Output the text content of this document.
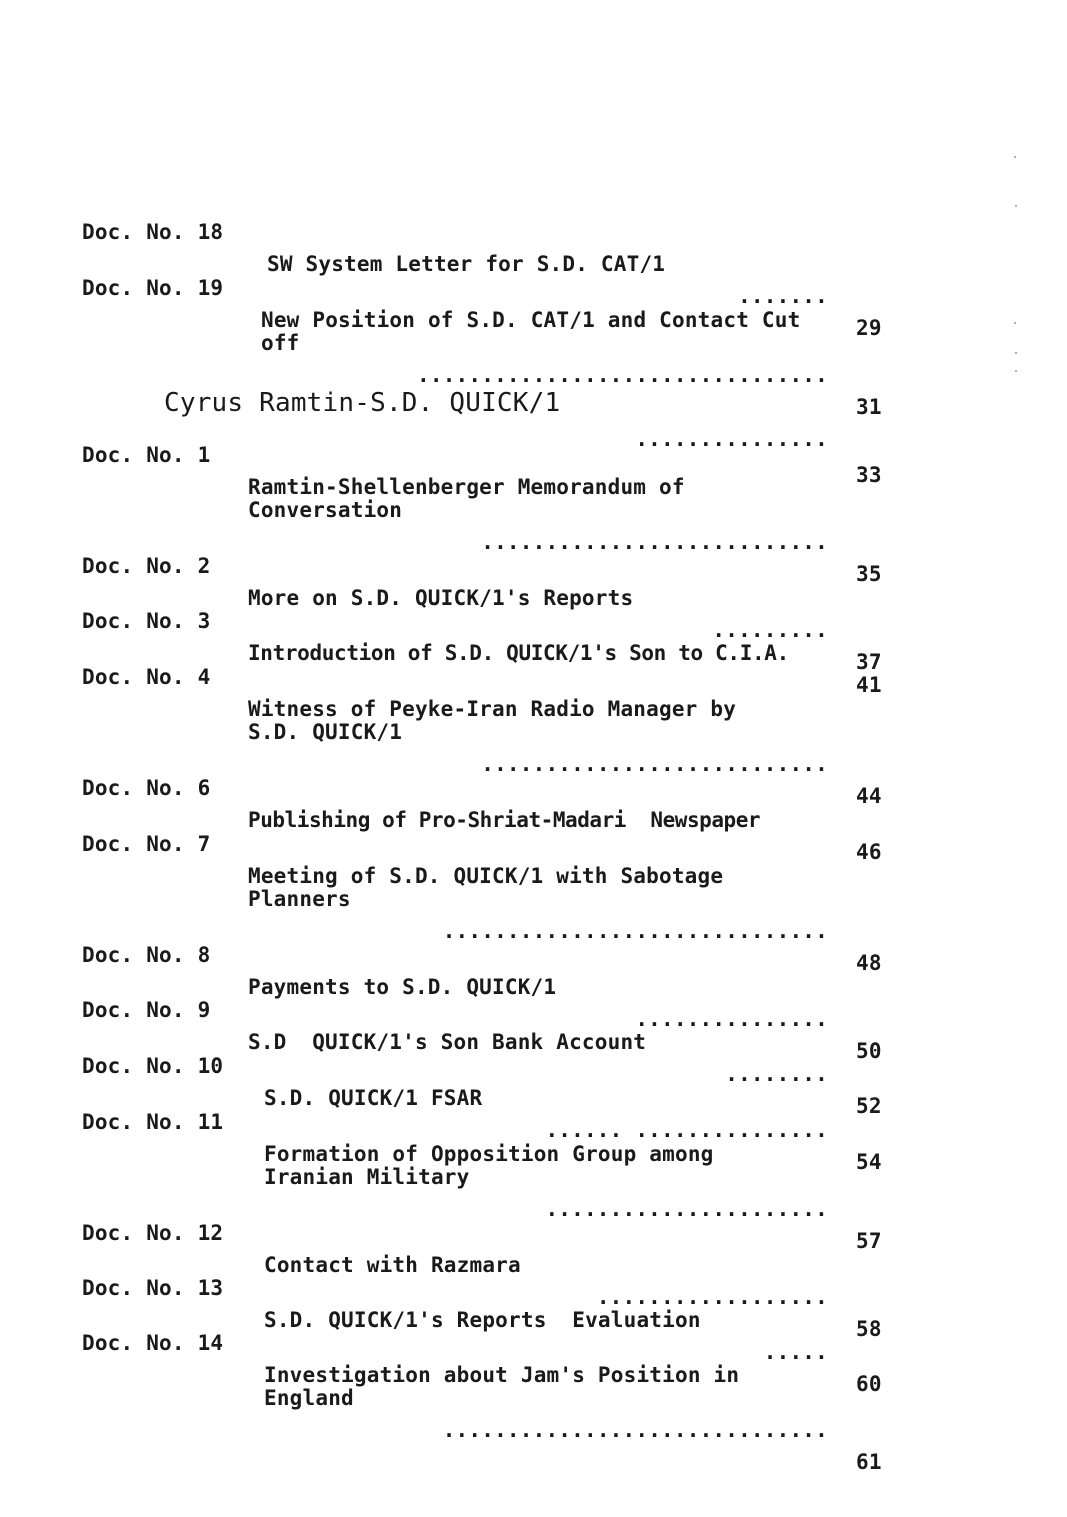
Doc. No. 18

SW System Letter for S.D. CAT/1

.......

29

Doc. No. 19

New Position of S.D. CAT/1 and Contact Cut

off

................................

31

Cyrus Ramtin-S.D. QUICK/1

...............

33

Doc. No. 1

Ramtin-Shellenberger Memorandum of

Conversation

...........................

35

Doc. No. 2

More on S.D. QUICK/1's Reports

.........

37

Doc. No. 3

Introduction of S.D. QUICK/1's Son to C.I.A.

41

Doc. No. 4

Witness of Peyke-Iran Radio Manager by

S.D. QUICK/1

...........................

44

Doc. No. 6

Publishing of Pro-Shriat-Madari  Newspaper

46

Doc. No. 7

Meeting of S.D. QUICK/1 with Sabotage

Planners

..............................

48

Doc. No. 8

Payments to S.D. QUICK/1

...............

50

Doc. No. 9

S.D  QUICK/1's Son Bank Account

........

52

Doc. No. 10

S.D. QUICK/1 FSAR

............... ......

54

Doc. No. 11

Formation of Opposition Group among

Iranian Military

......................

57

Doc. No. 12

Contact with Razmara

..................

58

Doc. No. 13

S.D. QUICK/1's Reports  Evaluation

.....

60

Doc. No. 14

Investigation about Jam's Position in

England

..............................

61
